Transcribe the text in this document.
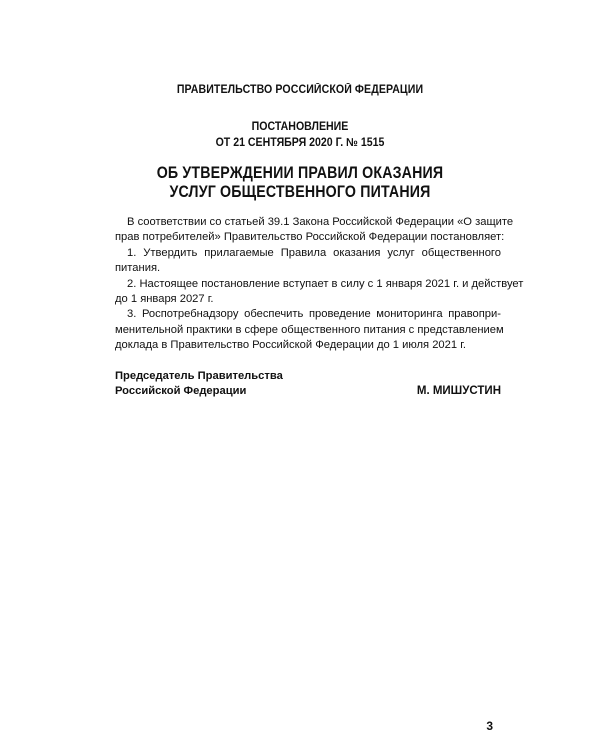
ПРАВИТЕЛЬСТВО РОССИЙСКОЙ ФЕДЕРАЦИИ
ПОСТАНОВЛЕНИЕ
ОТ 21 СЕНТЯБРЯ 2020 Г. № 1515
ОБ УТВЕРЖДЕНИИ ПРАВИЛ ОКАЗАНИЯ
УСЛУГ ОБЩЕСТВЕННОГО ПИТАНИЯ

В соответствии со статьей 39.1 Закона Российской Федерации «О защите
прав потребителей» Правительство Российской Федерации постановляет:

1. Утвердить прилагаемые Правила оказания услуг общественного
питания.

2. Настоящее постановление вступает в силу с 1 января 2021 г. и действует
до 1 января 2027 г.

3. Роспотребнадзору обеспечить проведение мониторинга правопри-
менительной практики в сфере общественного питания с представлением
доклада в Правительство Российской Федерации до 1 июля 2021 г.

Председатель Правительства
Российской Федерации	М. МИШУСТИН
3
